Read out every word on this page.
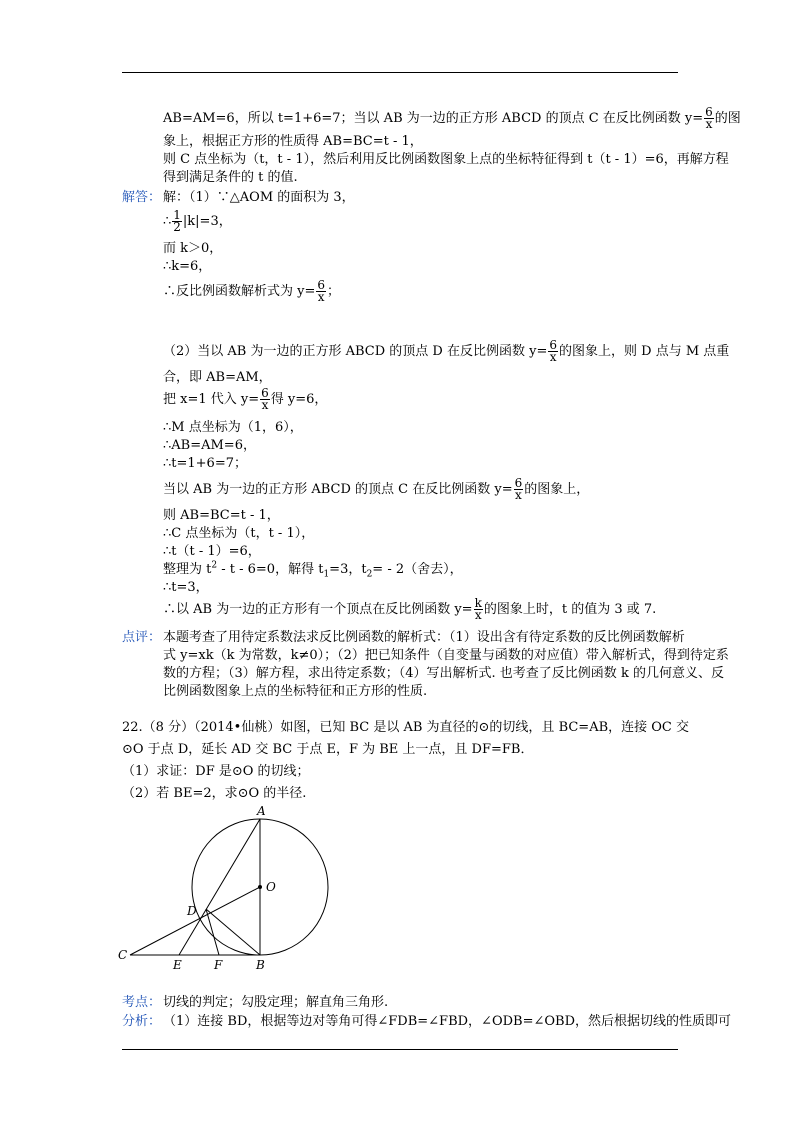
AB=AM=6，所以 t=1+6=7；当以 AB 为一边的正方形 ABCD 的顶点 C 在反比例函数 $y= \frac{6}{x}$ 的图
象上，根据正方形的性质得 AB=BC=t - 1，
则 C 点坐标为（t，t - 1），然后利用反比例函数图象上点的坐标特征得到 t（t - 1）=6，再解方程
得到满足条件的 t 的值.
解答： 解：（1）∵△AOM 的面积为 3，
∴ $\frac{1}{2} |k|=3$，
而 k＞0，
∴k=6，
∴反比例函数解析式为 $y= \frac{6}{x}$ ；
（2）当以 AB 为一边的正方形 ABCD 的顶点 D 在反比例函数 $y= \frac{6}{x}$ 的图象上，则 D 点与 M 点重
合，即 AB=AM，
把 x=1 代入 $y= \frac{6}{x}$ 得 y=6，
∴M 点坐标为（1，6），
∴AB=AM=6，
∴t=1+6=7；
当以 AB 为一边的正方形 ABCD 的顶点 C 在反比例函数 $y= \frac{6}{x}$ 的图象上，
则 AB=BC=t - 1，
∴C 点坐标为（t，t - 1），
∴t（t - 1）=6，
整理为 $t^2 - t - 6=0$，解得 $t_1=3$，$t_2= - 2$（舍去），
∴t=3，
∴以 AB 为一边的正方形有一个顶点在反比例函数 $y= \frac{k}{x}$ 的图象上时，t 的值为 3 或 7.
点评： 本题考查了用待定系数法求反比例函数的解析式：（1）设出含有待定系数的反比例函数解析
式 y=xk（k 为常数，k≠0）；（2）把已知条件（自变量与函数的对应值）带入解析式，得到待定系
数的方程；（3）解方程，求出待定系数；（4）写出解析式. 也考查了反比例函数 k 的几何意义、反
比例函数图象上点的坐标特征和正方形的性质.
22.（8 分）（2014•仙桃）如图，已知 BC 是以 AB 为直径的⊙的切线，且 BC=AB，连接 OC 交
⊙O 于点 D，延长 AD 交 BC 于点 E，F 为 BE 上一点，且 DF=FB．
（1）求证：DF 是⊙O 的切线；
（2）若 BE=2，求⊙O 的半径.
A
O
D
C
E	F	B
考点： 切线的判定；勾股定理；解直角三角形.
分析： （1）连接 BD，根据等边对等角可得∠FDB=∠FBD，∠ODB=∠OBD，然后根据切线的性质即可
